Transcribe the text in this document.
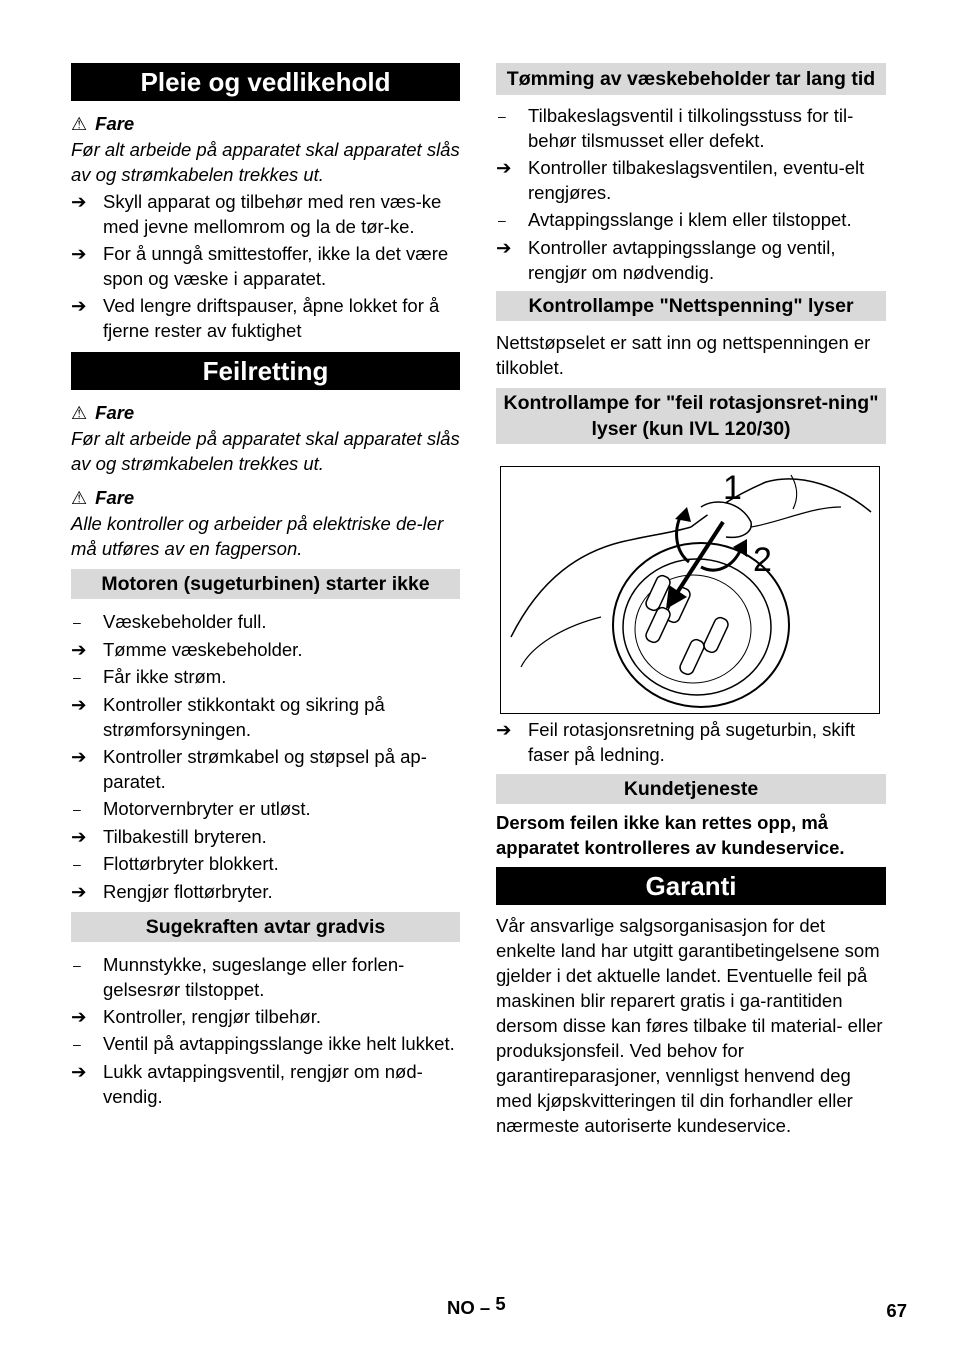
Pleie og vedlikehold
⚠ Fare
Før alt arbeide på apparatet skal apparatet slås av og strømkabelen trekkes ut.
➔ Skyll apparat og tilbehør med ren væs-ke med jevne mellomrom og la de tør-ke.
➔ For å unngå smittestoffer, ikke la det være spon og væske i apparatet.
➔ Ved lengre driftspauser, åpne lokket for å fjerne rester av fuktighet
Feilretting
⚠ Fare
Før alt arbeide på apparatet skal apparatet slås av og strømkabelen trekkes ut.
⚠ Fare
Alle kontroller og arbeider på elektriske de-ler må utføres av en fagperson.
Motoren (sugeturbinen) starter ikke
–	Væskebeholder full.
➔ Tømme væskebeholder.
–	Får ikke strøm.
➔ Kontroller stikkontakt og sikring på strømforsyningen.
➔ Kontroller strømkabel og støpsel på ap-paratet.
–	Motorvernbryter er utløst.
➔ Tilbakestill bryteren.
–	Flottørbryter blokkert.
➔ Rengjør flottørbryter.
Sugekraften avtar gradvis
–	Munnstykke, sugeslange eller forlen-gelsesrør tilstoppet.
➔ Kontroller, rengjør tilbehør.
–	Ventil på avtappingsslange ikke helt lukket.
➔ Lukk avtappingsventil, rengjør om nød-vendig.
Tømming av væskebeholder tar lang tid
–	Tilbakeslagsventil i tilkolingsstuss for til-behør tilsmusset eller defekt.
➔ Kontroller tilbakeslagsventilen, eventu-elt rengjøres.
–	Avtappingsslange i klem eller tilstoppet.
➔ Kontroller avtappingsslange og ventil, rengjør om nødvendig.
Kontrollampe "Nettspenning" lyser
Nettstøpselet er satt inn og nettspenningen er tilkoblet.
Kontrollampe for "feil rotasjonsret-ning" lyser (kun IVL 120/30)
1
2
➔ Feil rotasjonsretning på sugeturbin, skift faser på ledning.
Kundetjeneste
Dersom feilen ikke kan rettes opp, må apparatet kontrolleres av kundeservice.
Garanti
Vår ansvarlige salgsorganisasjon for det enkelte land har utgitt garantibetingelsene som gjelder i det aktuelle landet. Eventuelle feil på maskinen blir reparert gratis i ga-rantitiden dersom disse kan føres tilbake til material- eller produksjonsfeil. Ved behov for garantireparasjoner, vennligst henvend deg med kjøpskvitteringen til din forhandler eller nærmeste autoriserte kundeservice.
NO – 5	67
